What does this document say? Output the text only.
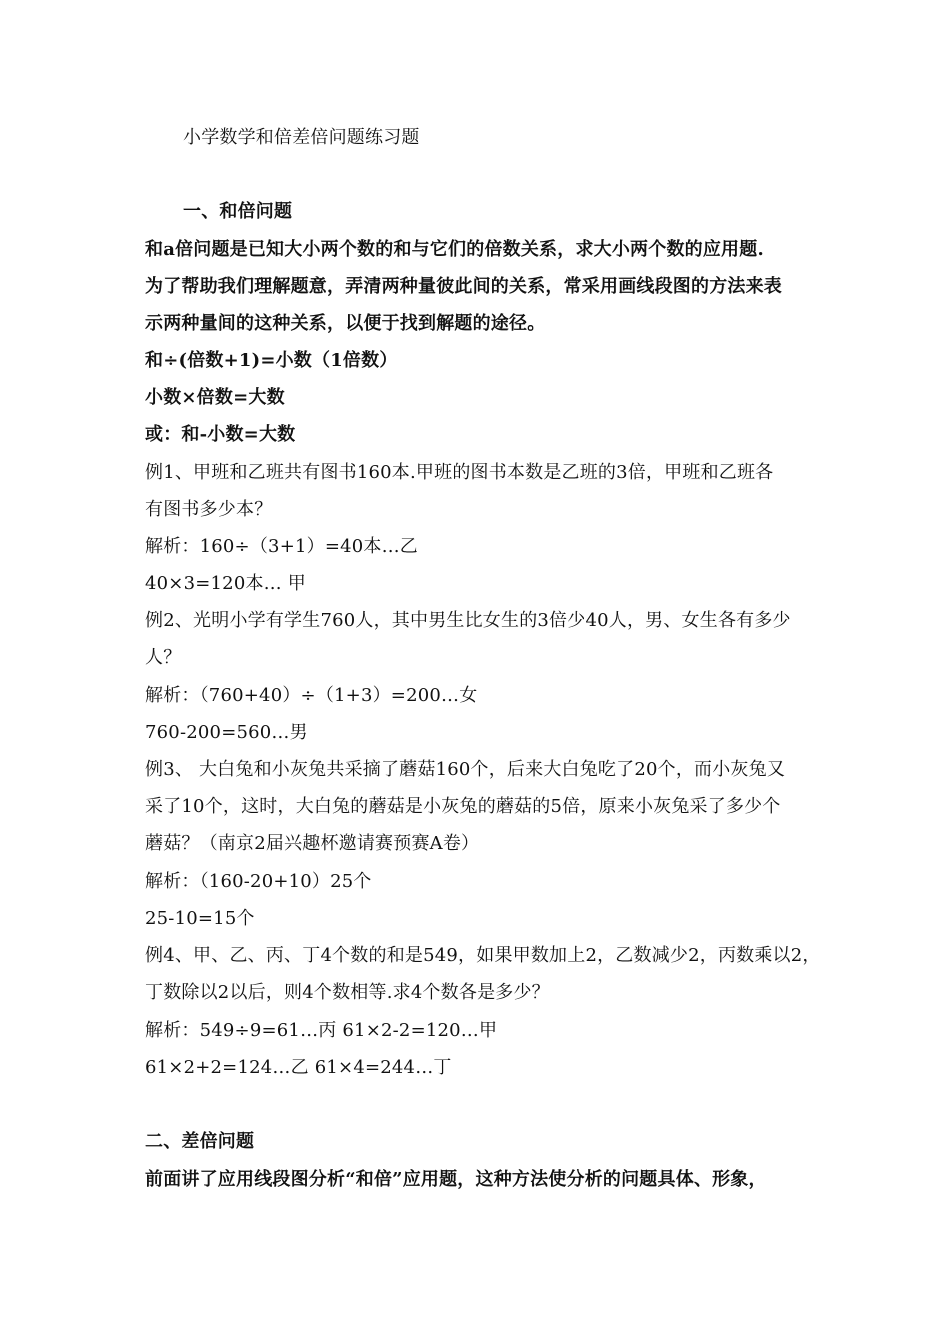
小学数学和倍差倍问题练习题
一、和倍问题
和a倍问题是已知大小两个数的和与它们的倍数关系，求大小两个数的应用题.
为了帮助我们理解题意，弄清两种量彼此间的关系，常采用画线段图的方法来表
示两种量间的这种关系，以便于找到解题的途径。
和÷(倍数+1)=小数（1倍数）
小数×倍数=大数
或：和-小数=大数
例1、甲班和乙班共有图书160本.甲班的图书本数是乙班的3倍，甲班和乙班各
有图书多少本？
解析：160÷（3+1）=40本…乙
40×3=120本… 甲
例2、光明小学有学生760人，其中男生比女生的3倍少40人，男、女生各有多少
人？
解析：（760+40）÷（1+3）=200…女
760-200=560…男
例3、 大白兔和小灰兔共采摘了蘑菇160个，后来大白兔吃了20个，而小灰兔又
采了10个，这时，大白兔的蘑菇是小灰兔的蘑菇的5倍，原来小灰兔采了多少个
蘑菇？（南京2届兴趣杯邀请赛预赛A卷）
解析：（160-20+10）25个
25-10=15个
例4、甲、乙、丙、丁4个数的和是549，如果甲数加上2，乙数减少2，丙数乘以2，
丁数除以2以后，则4个数相等.求4个数各是多少？
解析：549÷9=61…丙 61×2-2=120…甲
61×2+2=124…乙 61×4=244…丁
二、差倍问题
前面讲了应用线段图分析“和倍”应用题，这种方法使分析的问题具体、形象，
